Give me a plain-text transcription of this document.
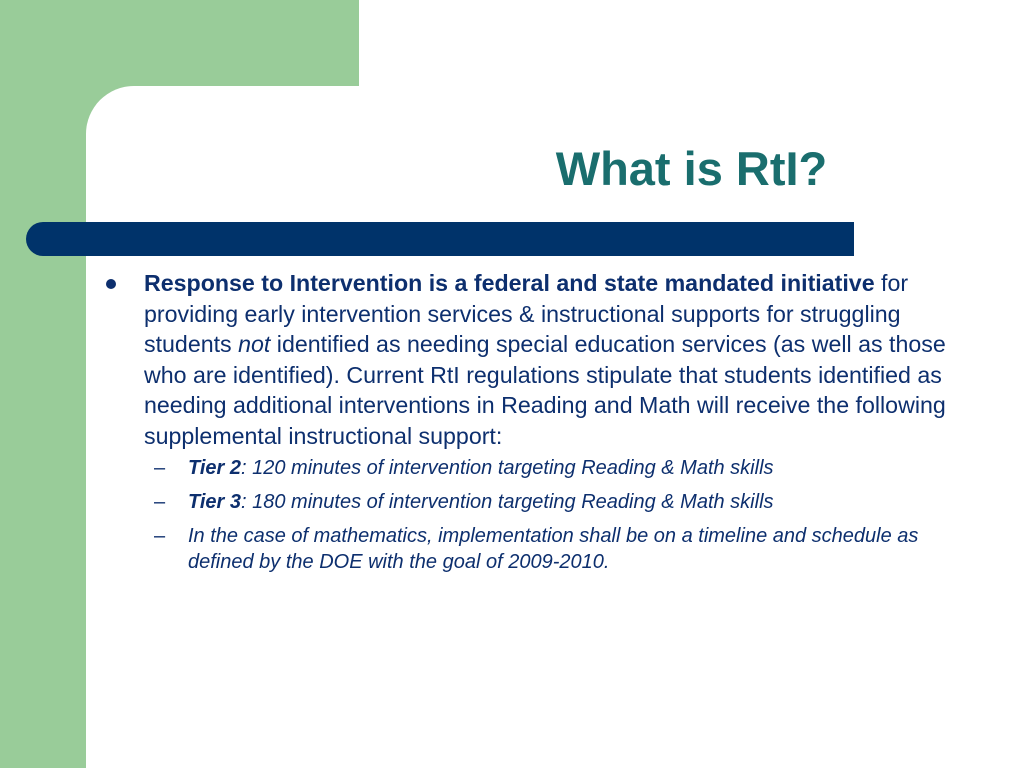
What is RtI?
Response to Intervention is a federal and state mandated initiative for providing early intervention services & instructional supports for struggling students not identified as needing special education services (as well as those who are identified). Current RtI regulations stipulate that students identified as needing additional interventions in Reading and Math will receive the following supplemental instructional support:
– Tier 2: 120 minutes of intervention targeting Reading & Math skills
– Tier 3: 180 minutes of intervention targeting Reading & Math skills
– In the case of mathematics, implementation shall be on a timeline and schedule as defined by the DOE with the goal of 2009-2010.
